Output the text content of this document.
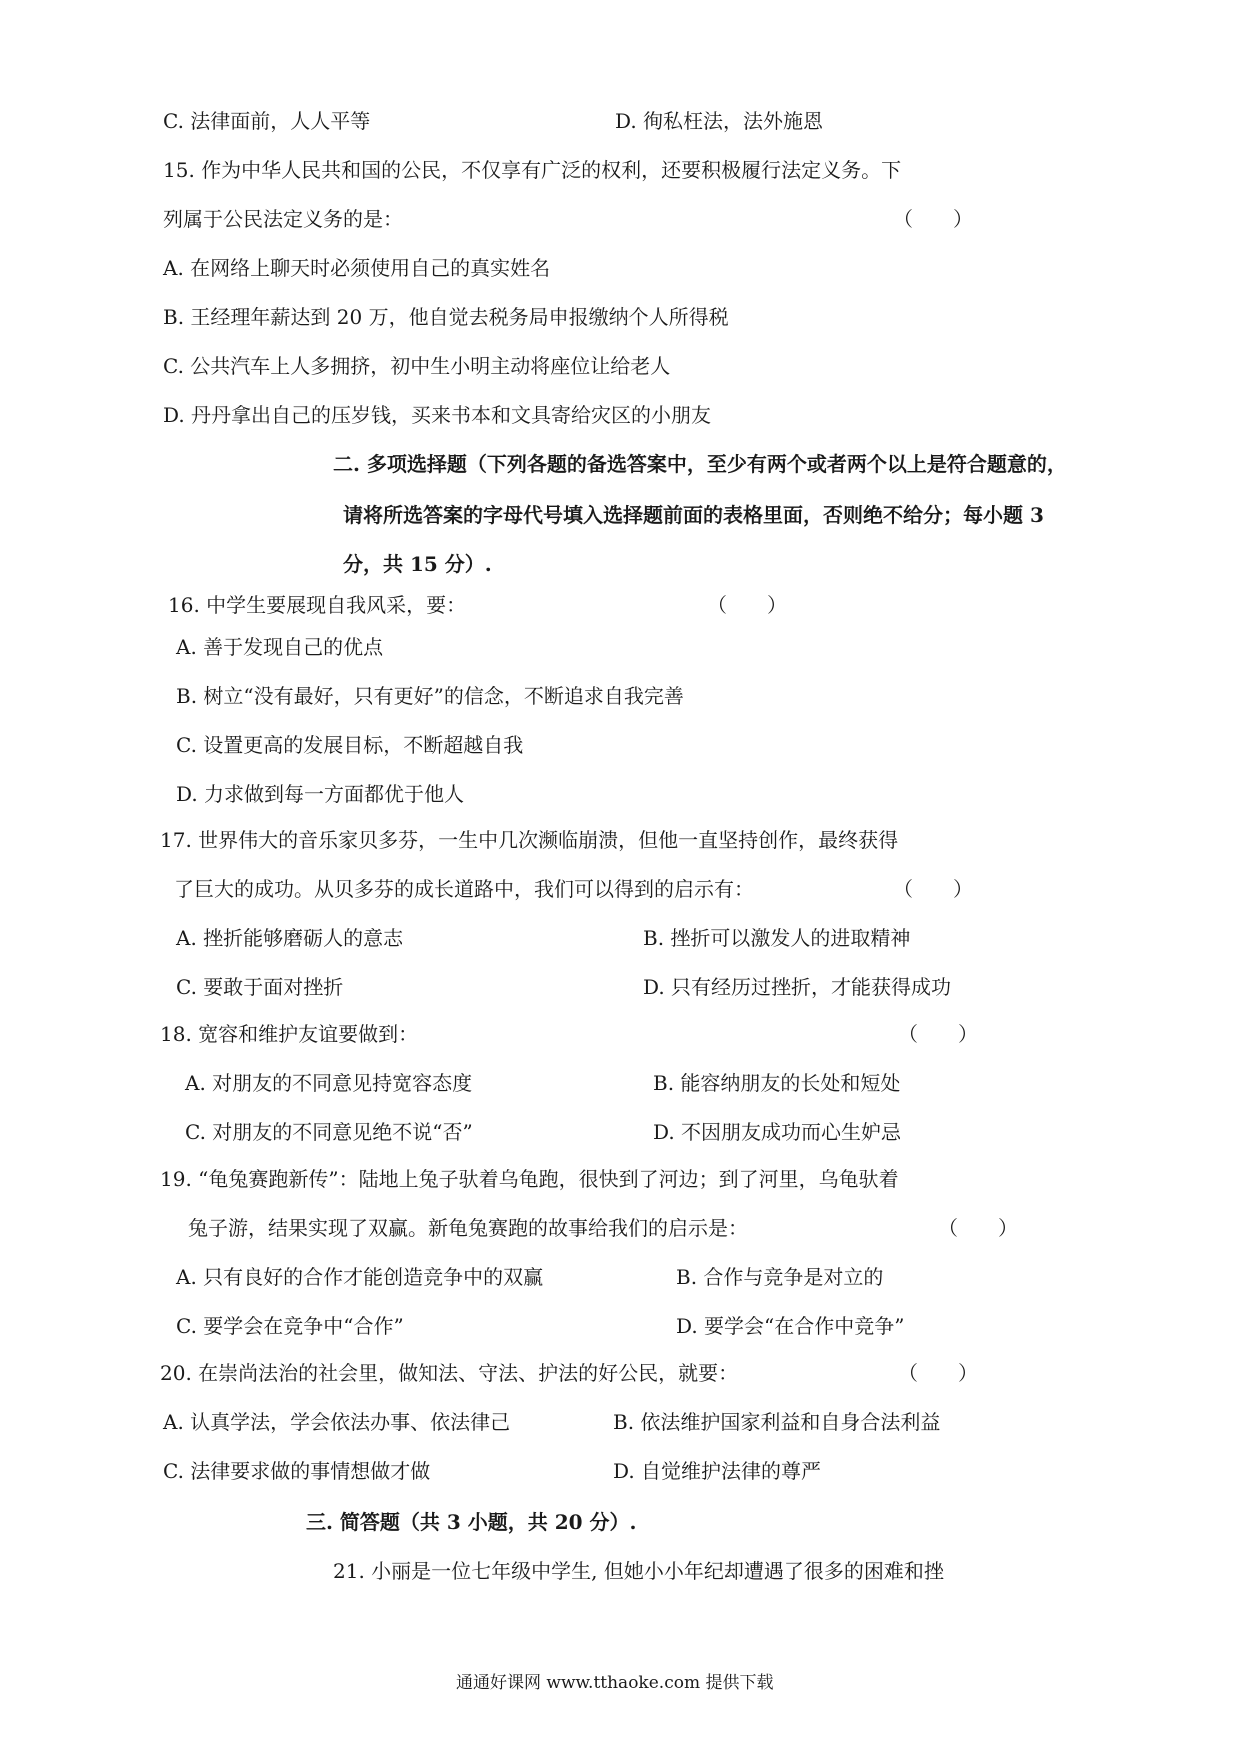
C. 法律面前，人人平等	D. 徇私枉法，法外施恩
15. 作为中华人民共和国的公民，不仅享有广泛的权利，还要积极履行法定义务。下
列属于公民法定义务的是：	（　　）
A. 在网络上聊天时必须使用自己的真实姓名
B. 王经理年薪达到 20 万，他自觉去税务局申报缴纳个人所得税
C. 公共汽车上人多拥挤，初中生小明主动将座位让给老人
D. 丹丹拿出自己的压岁钱，买来书本和文具寄给灾区的小朋友
二. 多项选择题（下列各题的备选答案中，至少有两个或者两个以上是符合题意的，
请将所选答案的字母代号填入选择题前面的表格里面，否则绝不给分；每小题 3
分，共 15 分）.
16. 中学生要展现自我风采，要：	（　　）
A. 善于发现自己的优点
B. 树立“没有最好，只有更好”的信念，不断追求自我完善
C. 设置更高的发展目标，不断超越自我
D. 力求做到每一方面都优于他人
17. 世界伟大的音乐家贝多芬，一生中几次濒临崩溃，但他一直坚持创作，最终获得
了巨大的成功。从贝多芬的成长道路中，我们可以得到的启示有：	（　　）
A. 挫折能够磨砺人的意志	B. 挫折可以激发人的进取精神
C. 要敢于面对挫折	D. 只有经历过挫折，才能获得成功
18. 宽容和维护友谊要做到：	（　　）
A. 对朋友的不同意见持宽容态度	B. 能容纳朋友的长处和短处
C. 对朋友的不同意见绝不说“否”	D. 不因朋友成功而心生妒忌
19. “龟兔赛跑新传”：陆地上兔子驮着乌龟跑，很快到了河边；到了河里，乌龟驮着
兔子游，结果实现了双赢。新龟兔赛跑的故事给我们的启示是：	（　　）
A. 只有良好的合作才能创造竞争中的双赢	B. 合作与竞争是对立的
C. 要学会在竞争中“合作”	D. 要学会“在合作中竞争”
20. 在崇尚法治的社会里，做知法、守法、护法的好公民，就要：	（　　）
A. 认真学法，学会依法办事、依法律己	B. 依法维护国家利益和自身合法利益
C. 法律要求做的事情想做才做	D. 自觉维护法律的尊严
三. 简答题（共 3 小题，共 20 分）.
21. 小丽是一位七年级中学生, 但她小小年纪却遭遇了很多的困难和挫
通通好课网 www.tthaoke.com 提供下载
